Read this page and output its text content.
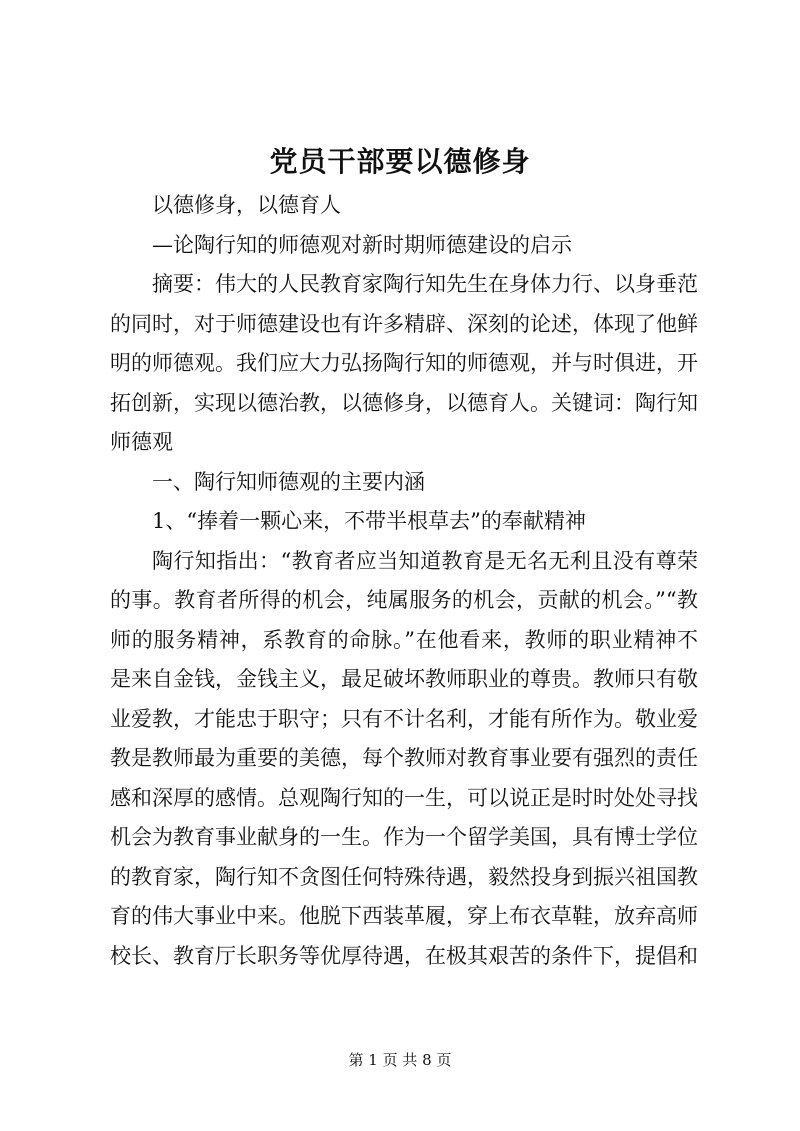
党员干部要以德修身

以德修身，以德育人

—论陶行知的师德观对新时期师德建设的启示

摘要：伟大的人民教育家陶行知先生在身体力行、以身垂范的同时，对于师德建设也有许多精辟、深刻的论述，体现了他鲜明的师德观。我们应大力弘扬陶行知的师德观，并与时俱进，开拓创新，实现以德治教，以德修身，以德育人。关键词：陶行知师德观

一、陶行知师德观的主要内涵

1、“捧着一颗心来，不带半根草去”的奉献精神

陶行知指出：“教育者应当知道教育是无名无利且没有尊荣的事。教育者所得的机会，纯属服务的机会，贡献的机会。”“教师的服务精神，系教育的命脉。”在他看来，教师的职业精神不是来自金钱，金钱主义，最足破坏教师职业的尊贵。教师只有敬业爱教，才能忠于职守；只有不计名利，才能有所作为。敬业爱教是教师最为重要的美德，每个教师对教育事业要有强烈的责任感和深厚的感情。总观陶行知的一生，可以说正是时时处处寻找机会为教育事业献身的一生。作为一个留学美国，具有博士学位的教育家，陶行知不贪图任何特殊待遇，毅然投身到振兴祖国教育的伟大事业中来。他脱下西装革履，穿上布衣草鞋，放弃高师校长、教育厅长职务等优厚待遇，在极其艰苦的条件下，提倡和

第 1 页 共 8 页
